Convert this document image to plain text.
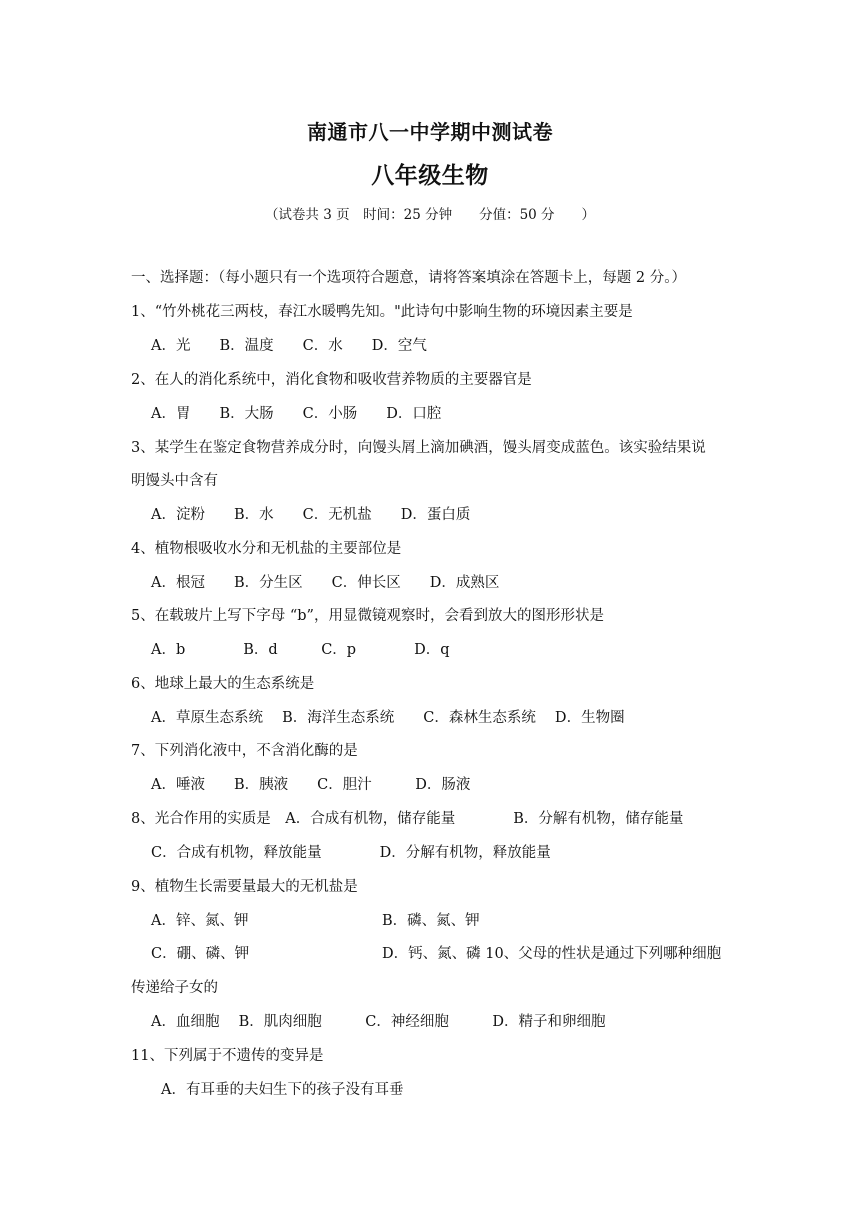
南通市八一中学期中测试卷
八年级生物
（试卷共 3 页　时间：25 分钟　　分值：50 分　　）
一、选择题：（每小题只有一个选项符合题意，请将答案填涂在答题卡上，每题 2 分。）
1、“竹外桃花三两枝，春江水暖鸭先知。"此诗句中影响生物的环境因素主要是
A．光　　B．温度　　C．水　　D．空气
2、在人的消化系统中，消化食物和吸收营养物质的主要器官是
A．胃　　B．大肠　　C．小肠　　D．口腔
3、某学生在鉴定食物营养成分时，向馒头屑上滴加碘酒，馒头屑变成蓝色。该实验结果说
明馒头中含有
A．淀粉　　B．水　　C．无机盐　　D．蛋白质
4、植物根吸收水分和无机盐的主要部位是
A．根冠　　B．分生区　　C．伸长区　　D．成熟区
5、在载玻片上写下字母 “b”，用显微镜观察时，会看到放大的图形形状是
A．b　　　　B．d　　　C．p　　　　D．q
6、地球上最大的生态系统是
A．草原生态系统　 B．海洋生态系统　　C．森林生态系统　 D．生物圈
7、下列消化液中，不含消化酶的是
A．唾液　　B．胰液　　C．胆汁　　　D．肠液
8、光合作用的实质是　A．合成有机物，储存能量　　　　B．分解有机物，储存能量
C．合成有机物，释放能量　　　　D．分解有机物，释放能量
9、植物生长需要量最大的无机盐是
A．锌、氮、钾	B．磷、氮、钾
C．硼、磷、钾	D．钙、氮、磷 10、父母的性状是通过下列哪种细胞
传递给子女的
A．血细胞　 B．肌肉细胞　　　C．神经细胞　　　D．精子和卵细胞
11、下列属于不遗传的变异是
A．有耳垂的夫妇生下的孩子没有耳垂
